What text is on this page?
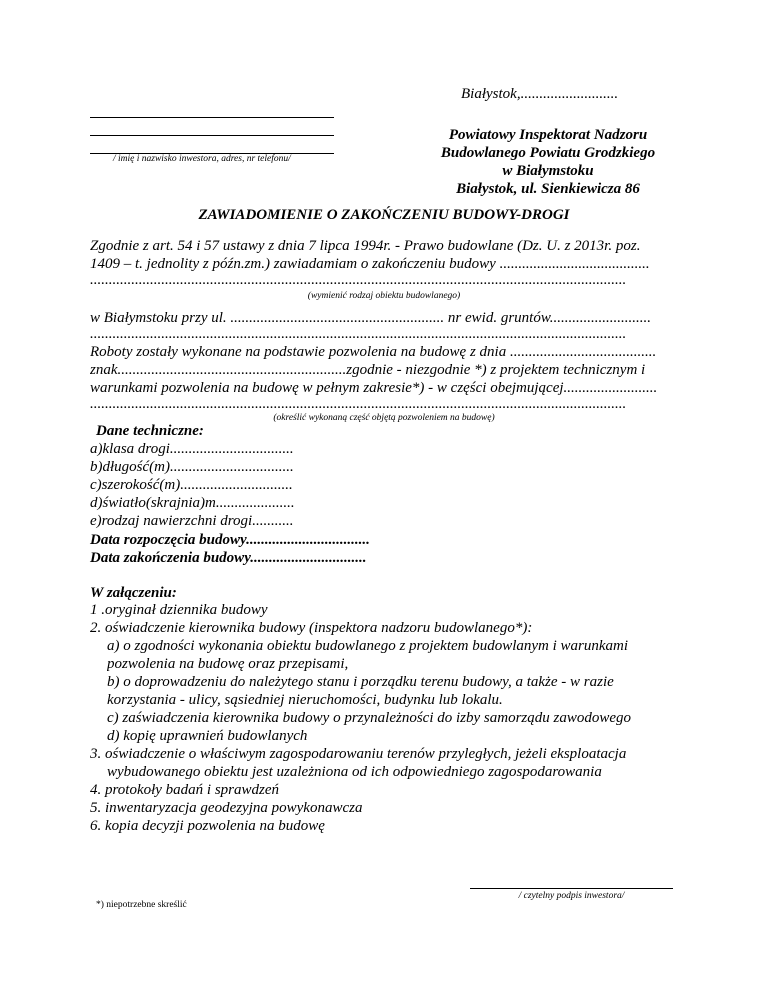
Białystok,..........................
/ imię i nazwisko inwestora, adres, nr telefonu/
Powiatowy Inspektorat Nadzoru
Budowlanego Powiatu Grodzkiego
w Białymstoku
Białystok, ul. Sienkiewicza 86
ZAWIADOMIENIE O ZAKOŃCZENIU BUDOWY-DROGI
Zgodnie z art. 54 i 57 ustawy z dnia 7 lipca 1994r. - Prawo budowlane (Dz. U. z 2013r. poz.
1409 – t. jednolity z późn.zm.) zawiadamiam o zakończeniu budowy ........................................
...............................................................................................................................................
(wymienić rodzaj obiektu budowlanego)
w Białymstoku przy ul. ......................................................... nr ewid. gruntów...........................
...............................................................................................................................................
Roboty zostały wykonane na podstawie pozwolenia na budowę z dnia .......................................
znak.............................................................zgodnie - niezgodnie *) z projektem technicznym i
warunkami pozwolenia na budowę w pełnym zakresie*) - w części obejmującej.........................
...............................................................................................................................................
(określić wykonaną część objętą pozwoleniem na budowę)
Dane techniczne:
a)klasa drogi.................................
b)długość(m).................................
c)szerokość(m)..............................
d)światło(skrajnia)m.....................
e)rodzaj nawierzchni drogi...........
Data rozpoczęcia budowy.................................
Data zakończenia budowy...............................
W załączeniu:
1 .oryginał dziennika budowy
2. oświadczenie kierownika budowy (inspektora nadzoru budowlanego*):
a) o zgodności wykonania obiektu budowlanego z projektem budowlanym i warunkami
pozwolenia na budowę oraz przepisami,
b) o doprowadzeniu do należytego stanu i porządku terenu budowy, a także - w razie
korzystania - ulicy, sąsiedniej nieruchomości, budynku lub lokalu.
c) zaświadczenia kierownika budowy o przynależności do izby samorządu zawodowego
d) kopię uprawnień budowlanych
3. oświadczenie o właściwym zagospodarowaniu terenów przyległych, jeżeli eksploatacja
wybudowanego obiektu jest uzależniona od ich odpowiedniego zagospodarowania
4. protokoły badań i sprawdzeń
5. inwentaryzacja geodezyjna powykonawcza
6. kopia decyzji pozwolenia na budowę
*) niepotrzebne skreślić
/ czytelny podpis inwestora/
